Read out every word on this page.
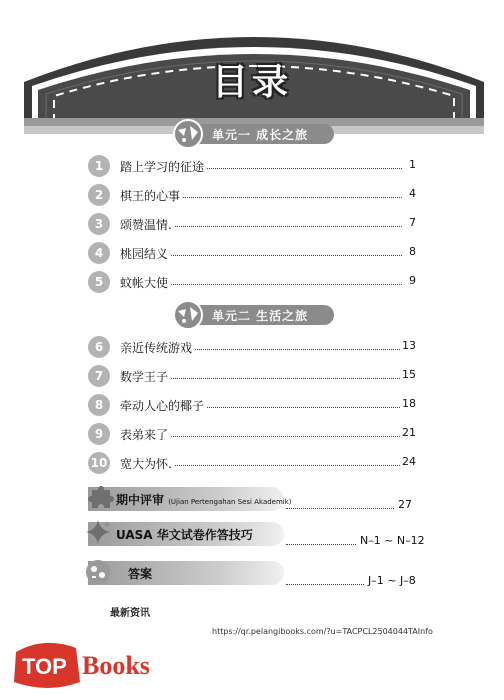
目录
单元一 成长之旅
1	踏上学习的征途	1
2	棋王的心事	4
3	颂赞温情.	7
4	桃园结义	8
5	蚊帐大使	9
单元二 生活之旅
6	亲近传统游戏	13
7	数学王子	15
8	牵动人心的椰子	18
9	表弟来了	21
10 宽大为怀.	24
期中评审 (Ujian Pertengahan Sesi Akademik)	27
UASA 华文试卷作答技巧	N–1 ~ N–12
答案	J–1 ~ J–8
最新资讯
https://qr.pelangibooks.com/?u=TACPCL2504044TAInfo
TOP Books
